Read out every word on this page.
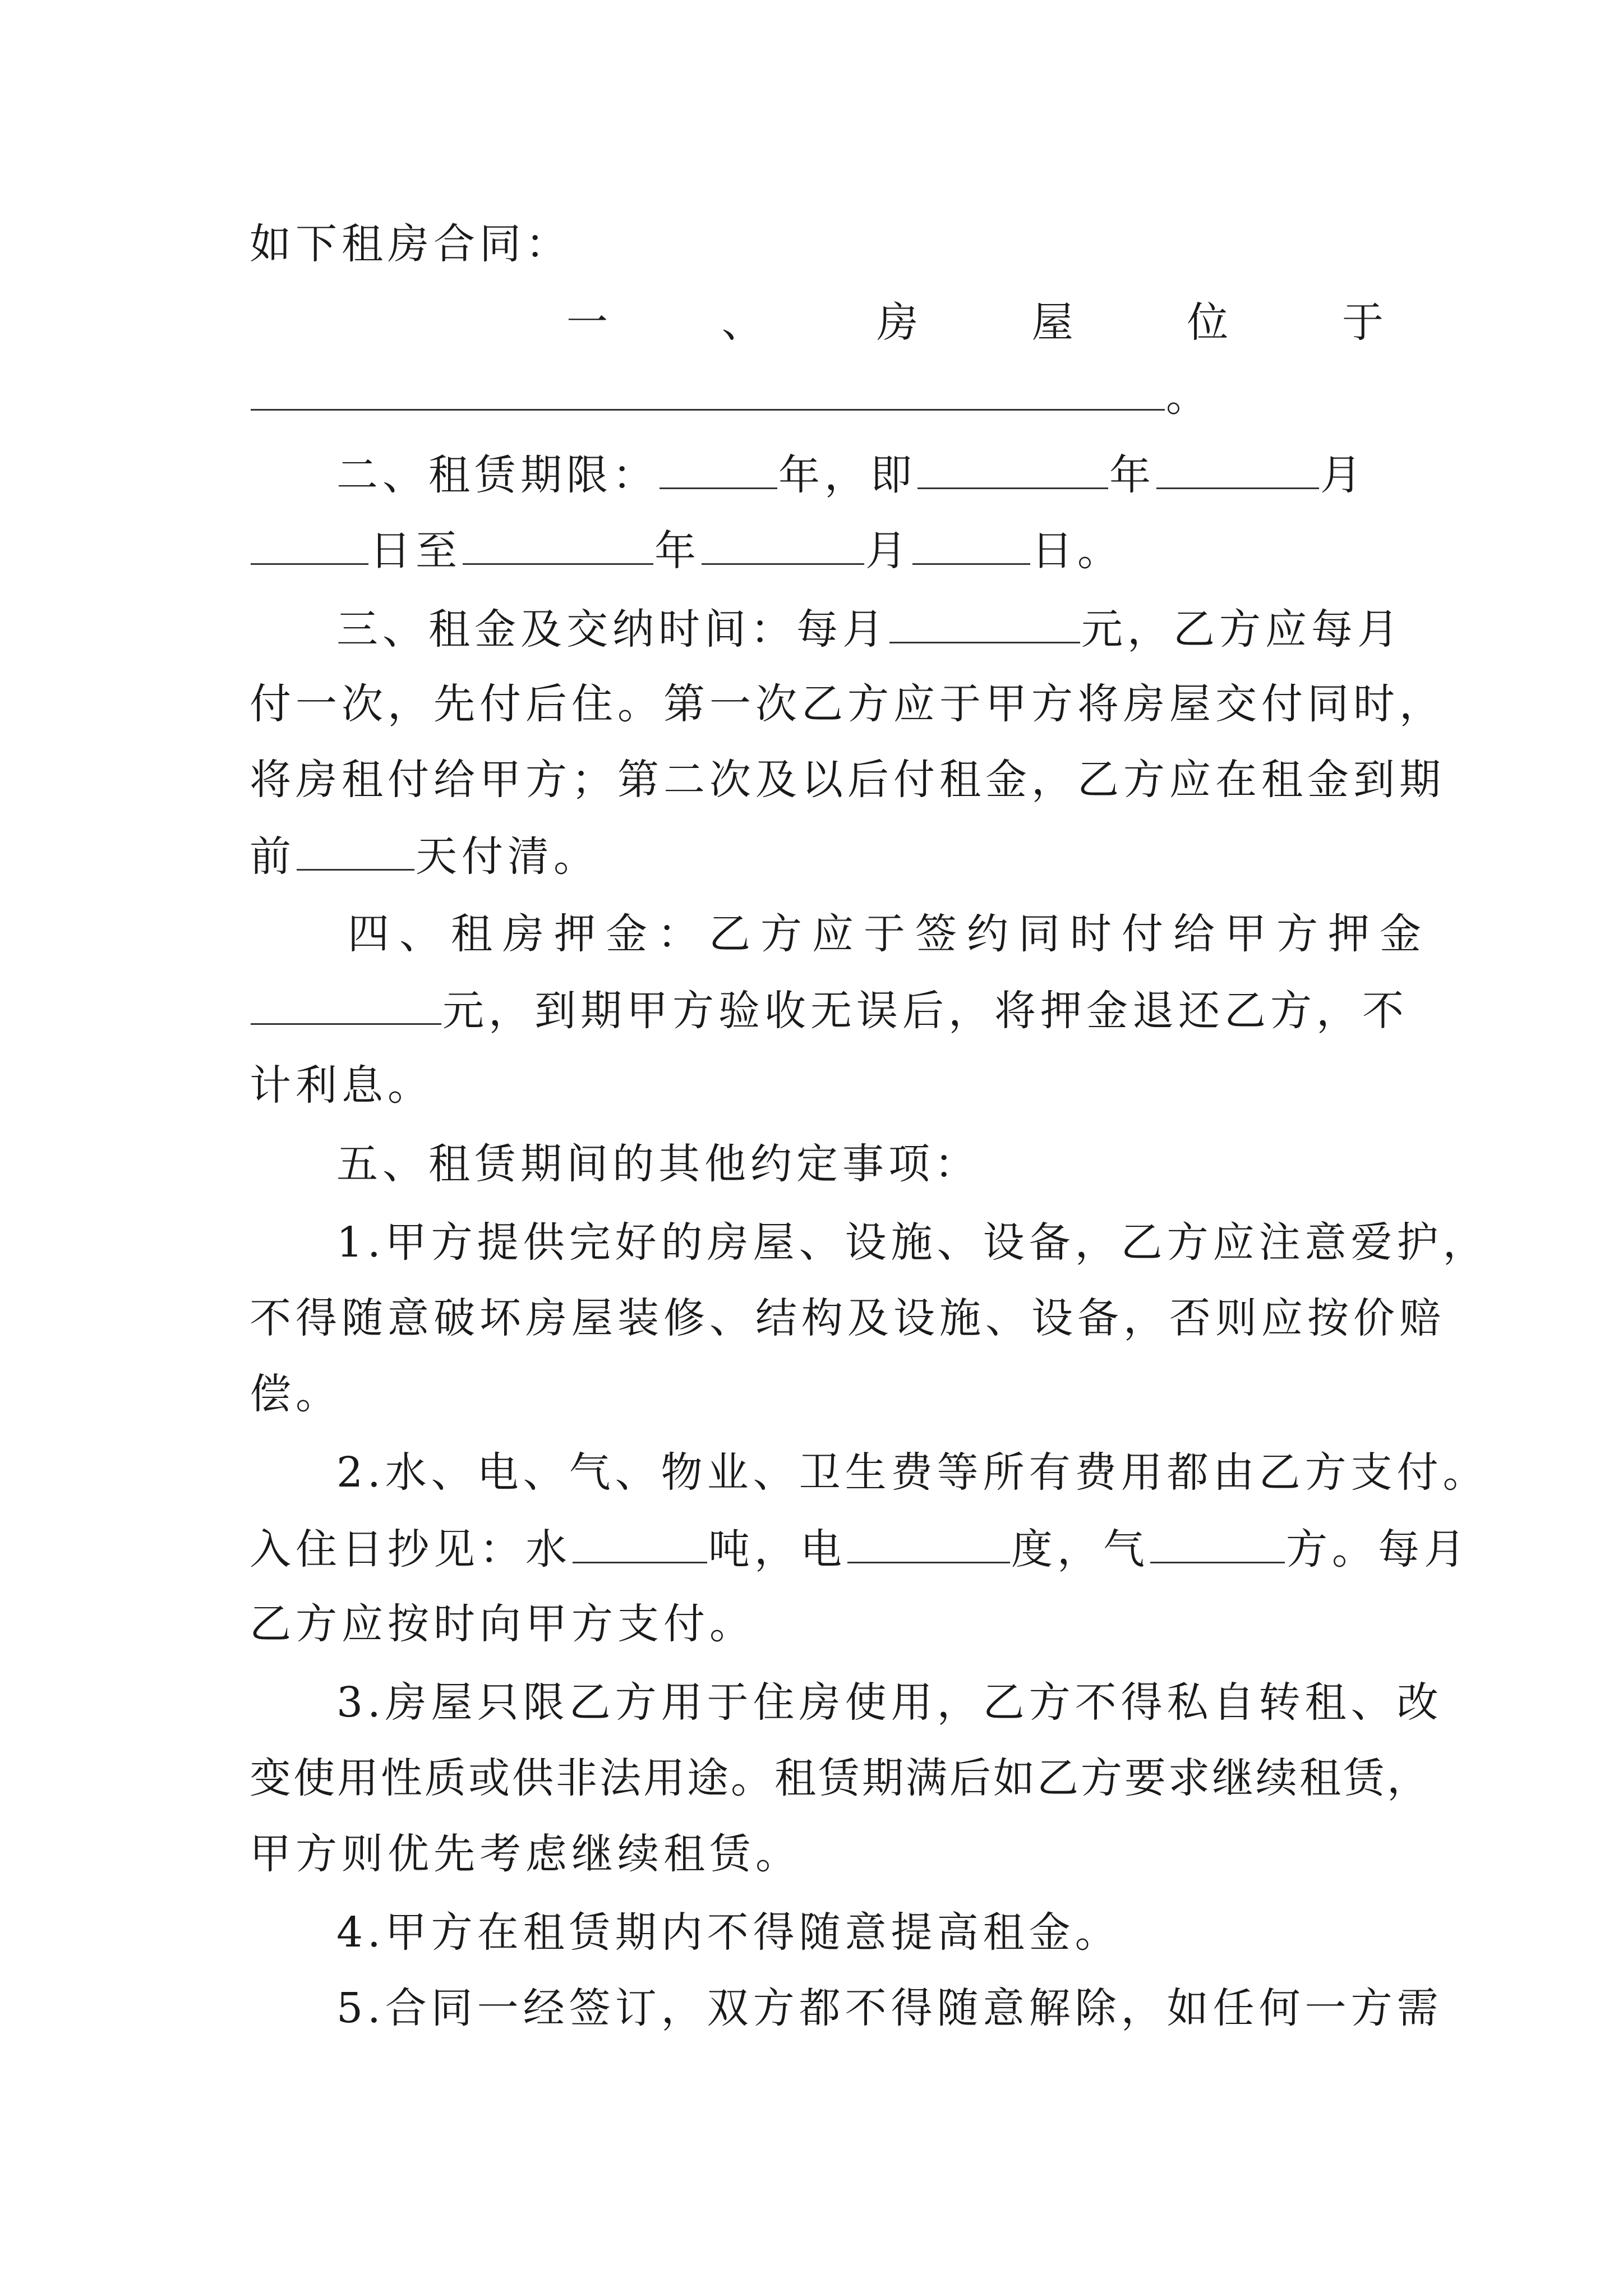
如下租房合同：
一	、	房	屋	位	于
。
二、租赁期限：	年，即	年	月
日至	年	月	日。
三、租金及交纳时间：每月	元，乙方应每月
付一次，先付后住。第一次乙方应于甲方将房屋交付同时，
将房租付给甲方；第二次及以后付租金，乙方应在租金到期
前	天付清。
四、租房押金：乙方应于签约同时付给甲方押金
元，到期甲方验收无误后，将押金退还乙方，不
计利息。
五、租赁期间的其他约定事项：
1.甲方提供完好的房屋、设施、设备，乙方应注意爱护，
不得随意破坏房屋装修、结构及设施、设备，否则应按价赔
偿。
2.水、电、气、物业、卫生费等所有费用都由乙方支付。
入住日抄见：水	吨，电	度，气	方。每月
乙方应按时向甲方支付。
3.房屋只限乙方用于住房使用，乙方不得私自转租、改
变使用性质或供非法用途。租赁期满后如乙方要求继续租赁，
甲方则优先考虑继续租赁。
4.甲方在租赁期内不得随意提高租金。
5.合同一经签订，双方都不得随意解除，如任何一方需
